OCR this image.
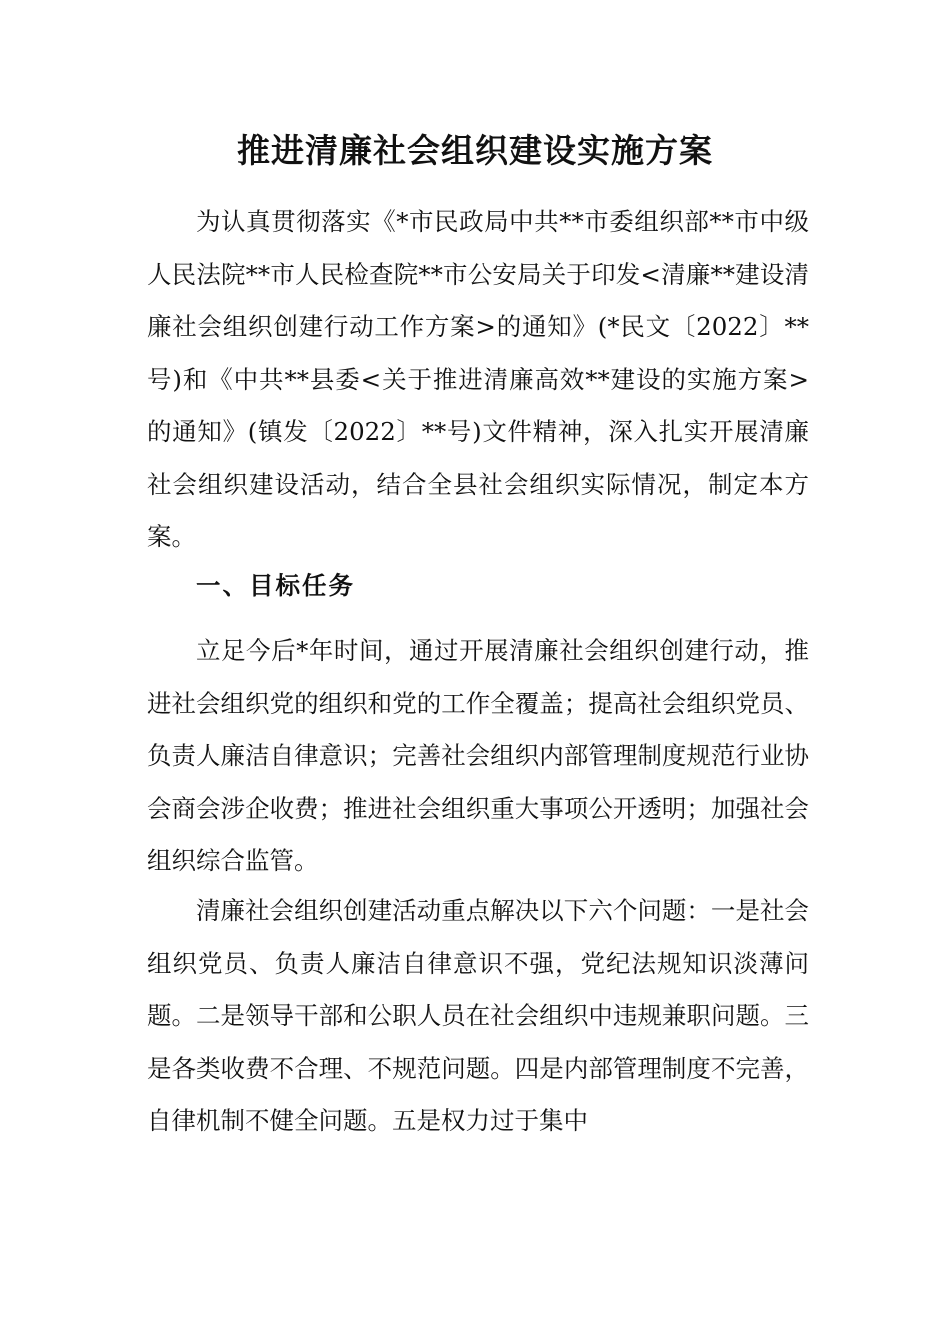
推进清廉社会组织建设实施方案

为认真贯彻落实《*市民政局中共**市委组织部**市中级人民法院**市人民检查院**市公安局关于印发<清廉**建设清廉社会组织创建行动工作方案>的通知》(*民文〔2022〕**号)和《中共**县委<关于推进清廉高效**建设的实施方案>的通知》(镇发〔2022〕**号)文件精神，深入扎实开展清廉社会组织建设活动，结合全县社会组织实际情况，制定本方案。

一、目标任务

立足今后*年时间，通过开展清廉社会组织创建行动，推进社会组织党的组织和党的工作全覆盖；提高社会组织党员、负责人廉洁自律意识；完善社会组织内部管理制度规范行业协会商会涉企收费；推进社会组织重大事项公开透明；加强社会组织综合监管。

清廉社会组织创建活动重点解决以下六个问题：一是社会组织党员、负责人廉洁自律意识不强，党纪法规知识淡薄问题。二是领导干部和公职人员在社会组织中违规兼职问题。三是各类收费不合理、不规范问题。四是内部管理制度不完善，自律机制不健全问题。五是权力过于集中
